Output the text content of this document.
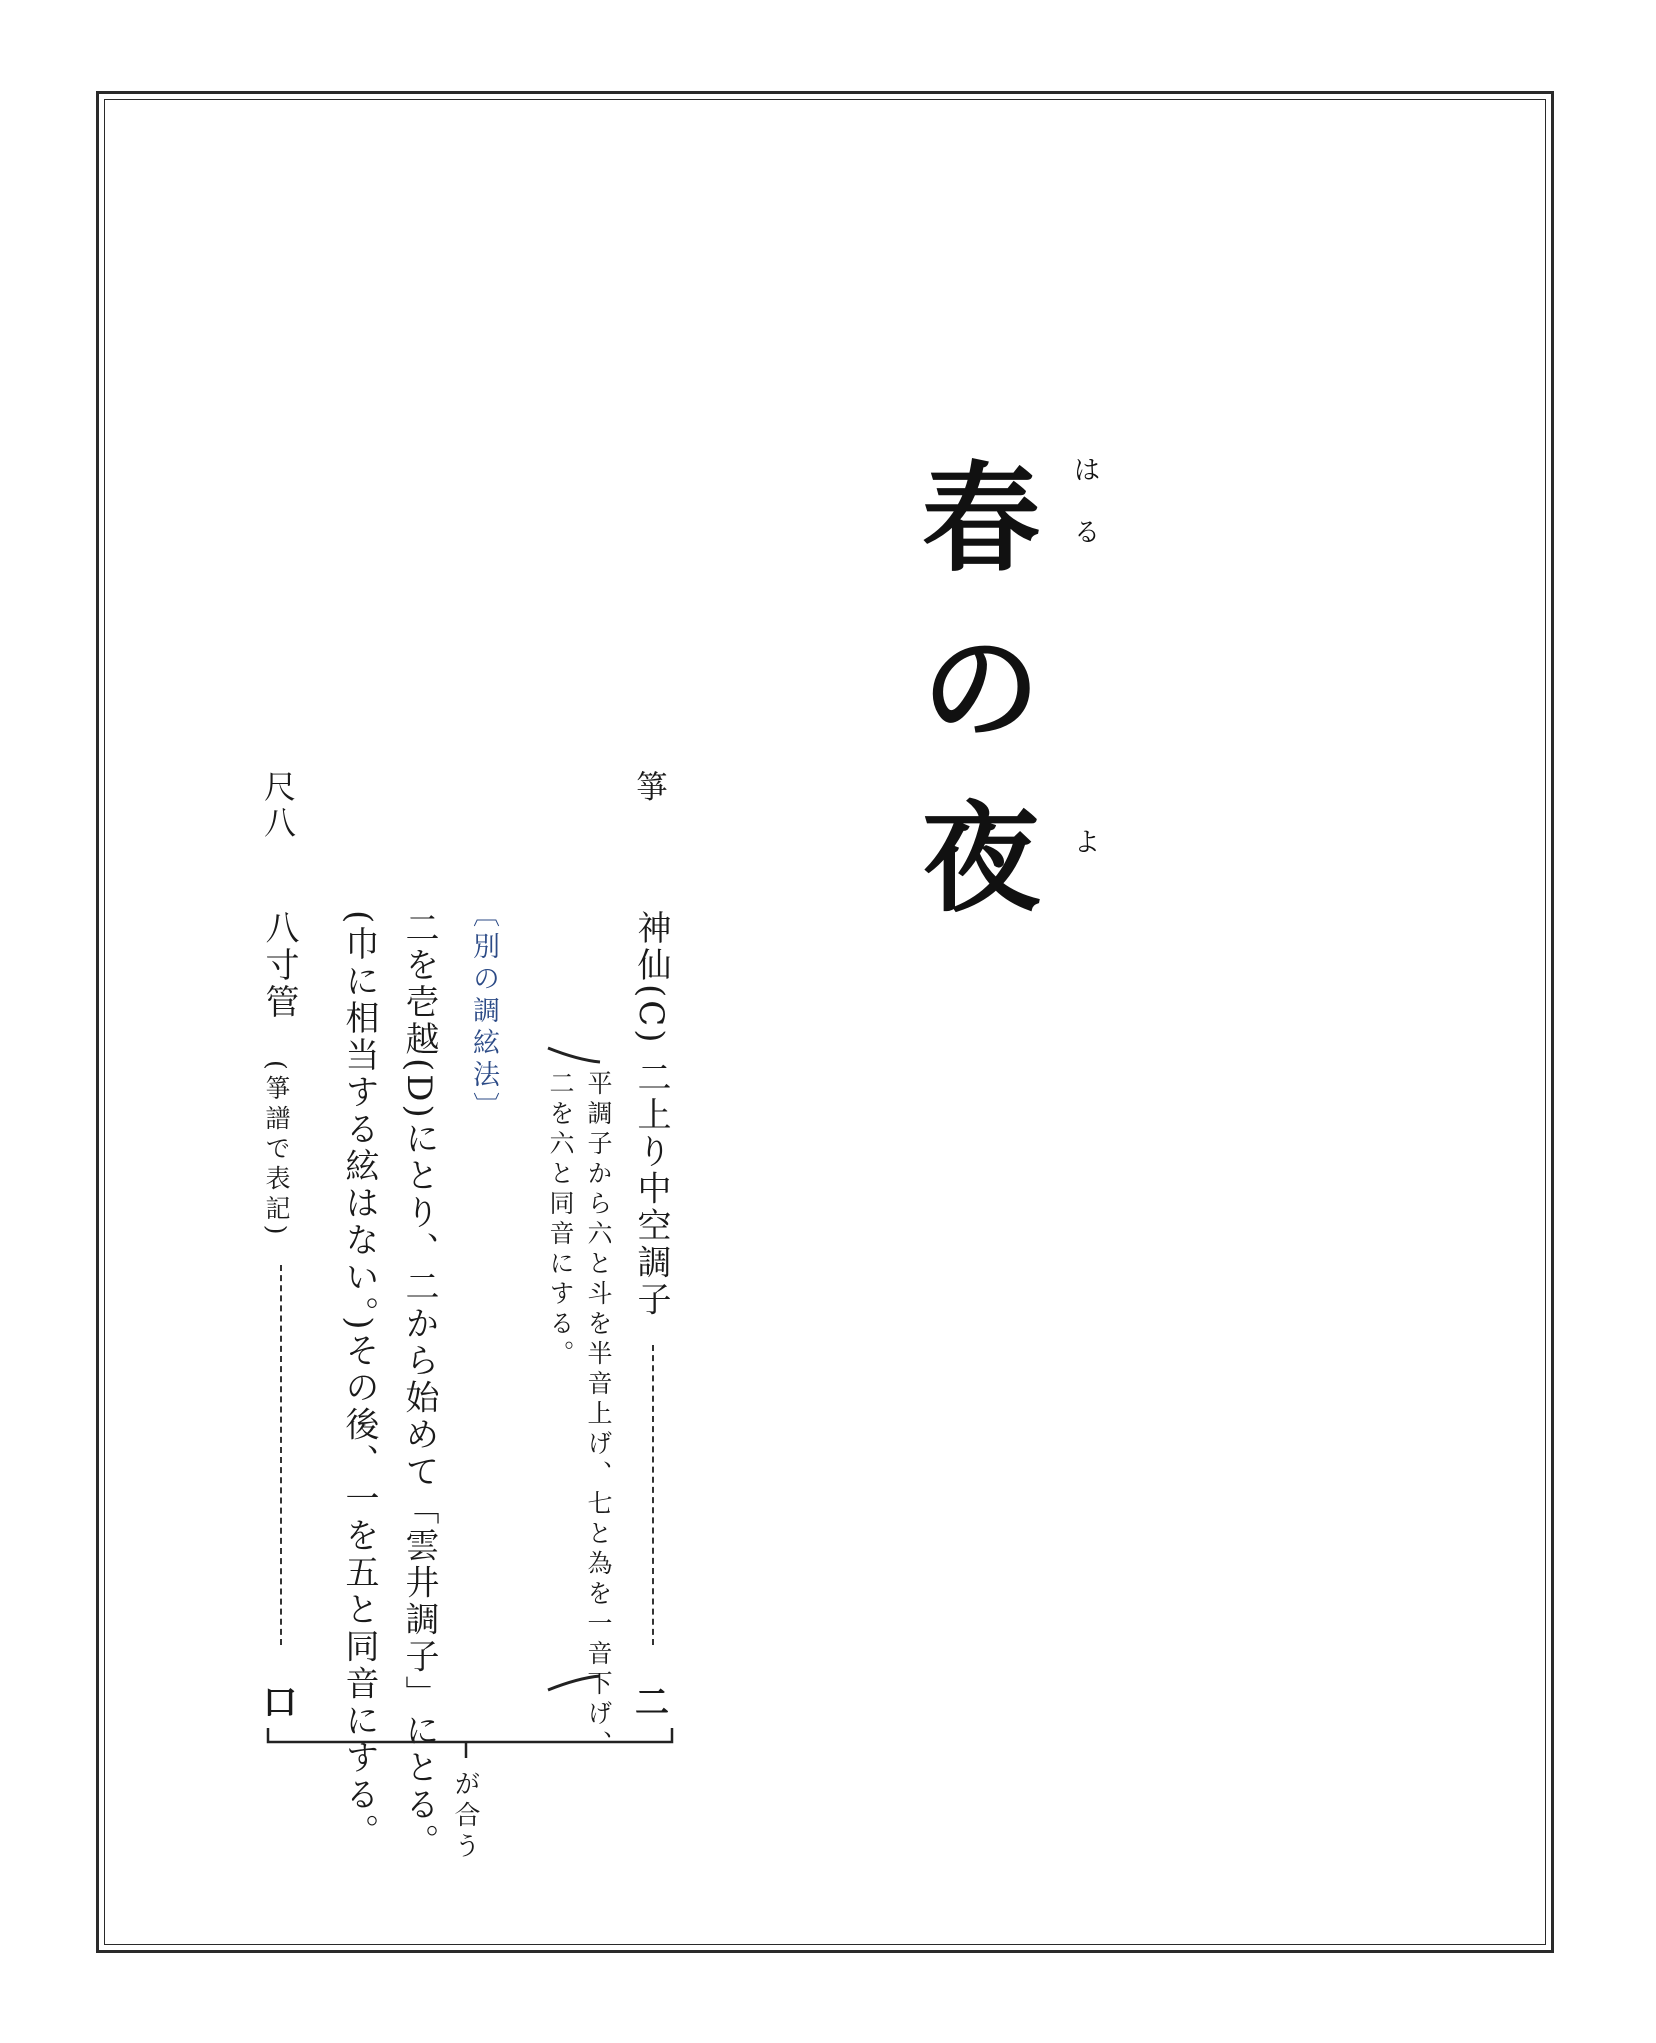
春
の
夜
は
る
よ
箏
神仙(C) 二上り中空調子
二
平調子から六と斗を半音上げ、七と為を一音下げ、
二を六と同音にする。
〔別の調絃法〕
二を壱越(D)にとり、二から始めて「雲井調子」にとる。
(巾に相当する絃はない。)その後、一を五と同音にする。
尺八
八寸管
(箏譜で表記)
口
が合う
